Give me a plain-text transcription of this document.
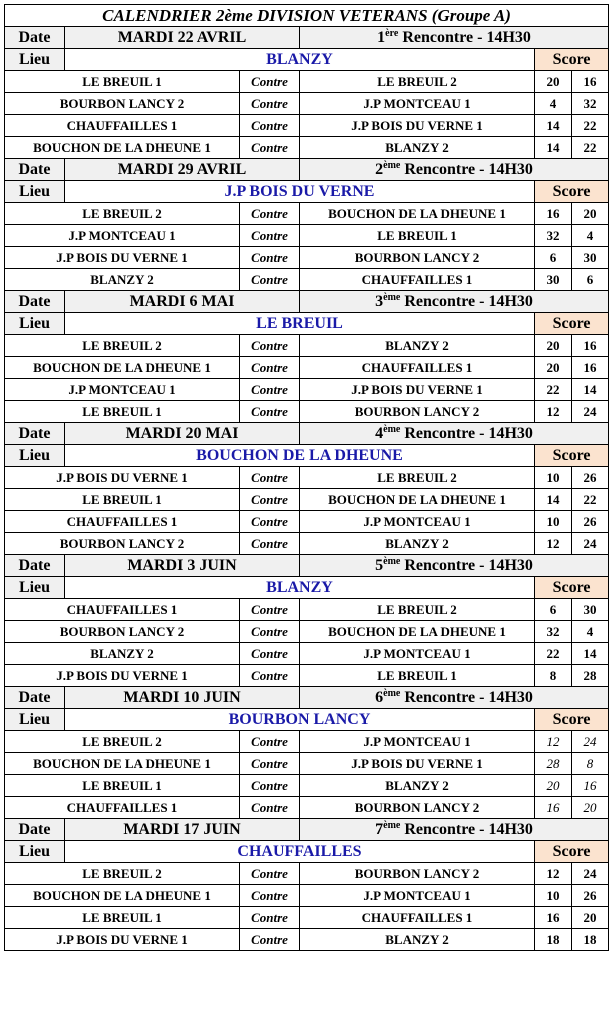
CALENDRIER 2ème DIVISION VETERANS (Groupe A)					
Date	MARDI 22 AVRIL		1ère Rencontre - 14H30		
Lieu	BLANZY			Score	
LE BREUIL 1		Contre	LE BREUIL 2	20	16
BOURBON LANCY 2		Contre	J.P MONTCEAU 1	4	32
CHAUFFAILLES 1		Contre	J.P BOIS DU VERNE 1	14	22
BOUCHON DE LA DHEUNE 1		Contre	BLANZY 2	14	22
Date	MARDI 29 AVRIL		2ème Rencontre - 14H30		
Lieu	J.P BOIS DU VERNE			Score	
LE BREUIL 2		Contre	BOUCHON DE LA DHEUNE 1	16	20
J.P MONTCEAU 1		Contre	LE BREUIL 1	32	4
J.P BOIS DU VERNE 1		Contre	BOURBON LANCY 2	6	30
BLANZY 2		Contre	CHAUFFAILLES 1	30	6
Date	MARDI 6 MAI		3ème Rencontre - 14H30		
Lieu	LE BREUIL			Score	
LE BREUIL 2		Contre	BLANZY 2	20	16
BOUCHON DE LA DHEUNE 1		Contre	CHAUFFAILLES 1	20	16
J.P MONTCEAU 1		Contre	J.P BOIS DU VERNE 1	22	14
LE BREUIL 1		Contre	BOURBON LANCY 2	12	24
Date	MARDI 20 MAI		4ème Rencontre - 14H30		
Lieu	BOUCHON DE LA DHEUNE			Score	
J.P BOIS DU VERNE 1		Contre	LE BREUIL 2	10	26
LE BREUIL 1		Contre	BOUCHON DE LA DHEUNE 1	14	22
CHAUFFAILLES 1		Contre	J.P MONTCEAU 1	10	26
BOURBON LANCY 2		Contre	BLANZY 2	12	24
Date	MARDI 3 JUIN		5ème Rencontre - 14H30		
Lieu	BLANZY			Score	
CHAUFFAILLES 1		Contre	LE BREUIL 2	6	30
BOURBON LANCY 2		Contre	BOUCHON DE LA DHEUNE 1	32	4
BLANZY 2		Contre	J.P MONTCEAU 1	22	14
J.P BOIS DU VERNE 1		Contre	LE BREUIL 1	8	28
Date	MARDI 10 JUIN		6ème Rencontre - 14H30		
Lieu	BOURBON LANCY			Score	
LE BREUIL 2		Contre	J.P MONTCEAU 1	12	24
BOUCHON DE LA DHEUNE 1		Contre	J.P BOIS DU VERNE 1	28	8
LE BREUIL 1		Contre	BLANZY 2	20	16
CHAUFFAILLES 1		Contre	BOURBON LANCY 2	16	20
Date	MARDI 17 JUIN		7ème Rencontre - 14H30		
Lieu	CHAUFFAILLES			Score	
LE BREUIL 2		Contre	BOURBON LANCY 2	12	24
BOUCHON DE LA DHEUNE 1		Contre	J.P MONTCEAU 1	10	26
LE BREUIL 1		Contre	CHAUFFAILLES 1	16	20
J.P BOIS DU VERNE 1		Contre	BLANZY 2	18	18
